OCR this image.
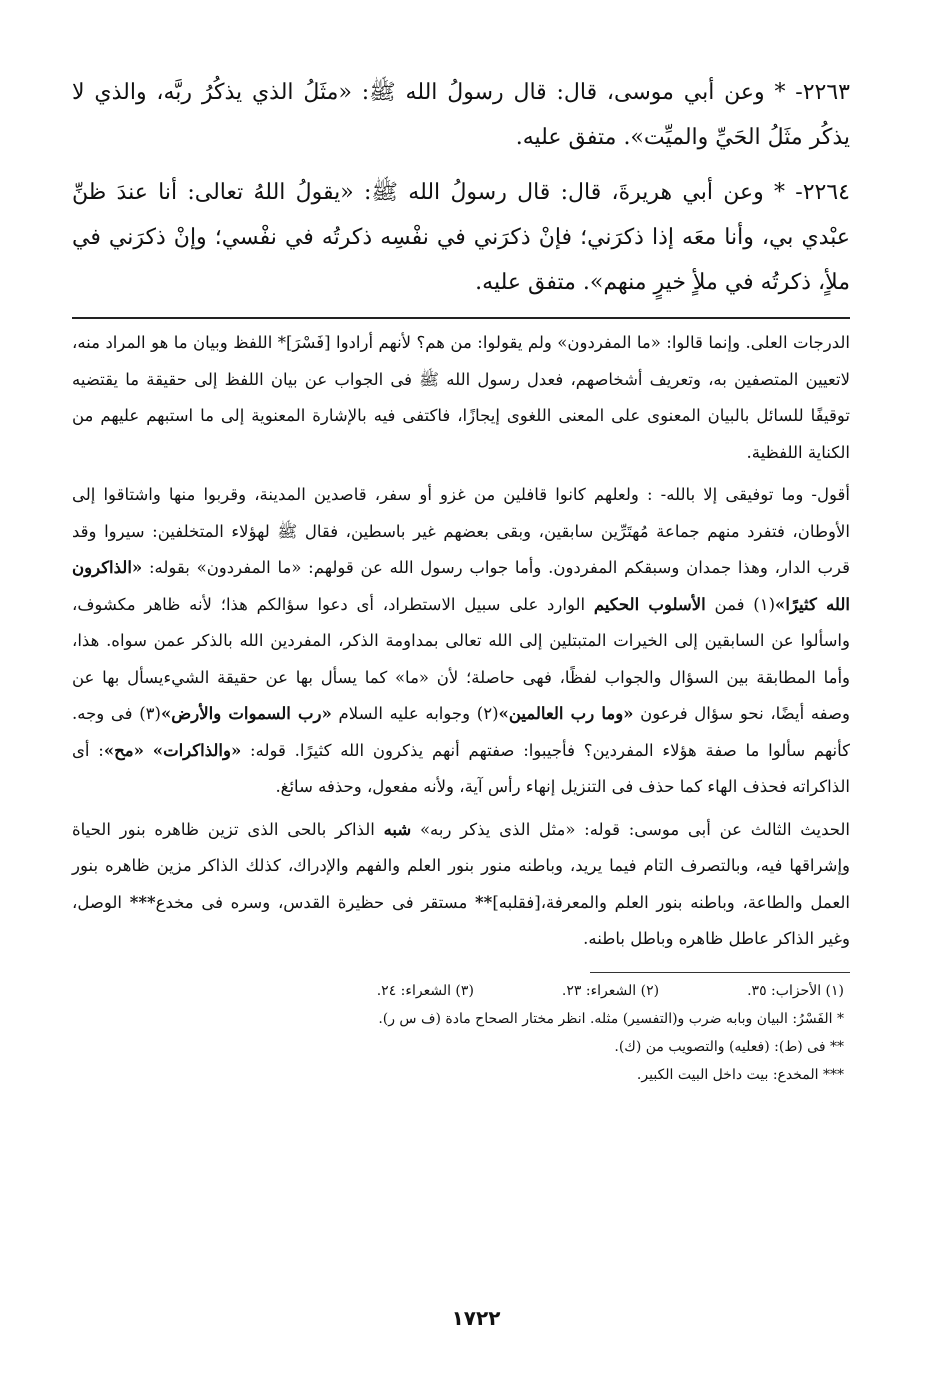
٢٢٦٣- * وعن أبي موسى، قال: قال رسولُ الله ﷺ: «مثَلُ الذي يذكُرُ ربَّه، والذي لا يذكُر مثَلُ الحَيِّ والميِّت». متفق عليه.

٢٢٦٤- * وعن أبي هريرةَ، قال: قال رسولُ الله ﷺ: «يقولُ اللهُ تعالى: أنا عندَ ظنِّ عبْدي بي، وأنا معَه إذا ذكرَني؛ فإنْ ذكرَني في نفْسِه ذكرتُه في نفْسي؛ وإنْ ذكرَني في ملأٍ، ذكرتُه في ملأٍ خيرٍ منهم». متفق عليه.

الدرجات العلى. وإنما قالوا: «ما المفردون» ولم يقولوا: من هم؟ لأنهم أرادوا [فَسْرَ]* اللفظ وبيان ما هو المراد منه، لاتعيين المتصفين به، وتعريف أشخاصهم، فعدل رسول الله ﷺ فى الجواب عن بيان اللفظ إلى حقيقة ما يقتضيه توقيفًا للسائل بالبيان المعنوى على المعنى اللغوى إيجازًا، فاكتفى فيه بالإشارة المعنوية إلى ما استبهم عليهم من الكناية اللفظية.

أقول- وما توفيقى إلا بالله- : ولعلهم كانوا قافلين من غزو أو سفر، قاصدين المدينة، وقربوا منها واشتاقوا إلى الأوطان، فتفرد منهم جماعة مُهتَرِّين سابقين، وبقى بعضهم غير باسطين، فقال ﷺ لهؤلاء المتخلفين: سيروا وقد قرب الدار، وهذا جمدان وسبقكم المفردون. وأما جواب رسول الله عن قولهم: «ما المفردون» بقوله: «الذاكرون الله كثيرًا»(١) فمن الأسلوب الحكيم الوارد على سبيل الاستطراد، أى دعوا سؤالكم هذا؛ لأنه ظاهر مكشوف، واسألوا عن السابقين إلى الخيرات المتبتلين إلى الله تعالى بمداومة الذكر، المفردين الله بالذكر عمن سواه. هذا، وأما المطابقة بين السؤال والجواب لفظًا، فهى حاصلة؛ لأن «ما» كما يسأل بها عن حقيقة الشيءيسأل بها عن وصفه أيضًا، نحو سؤال فرعون «وما رب العالمين»(٢) وجوابه عليه السلام «رب السموات والأرض»(٣) فى وجه. كأنهم سألوا ما صفة هؤلاء المفردين؟ فأجيبوا: صفتهم أنهم يذكرون الله كثيرًا. قوله: «والذاكرات» «مح»: أى الذاكراته فحذف الهاء كما حذف فى التنزيل إنهاء رأس آية، ولأنه مفعول، وحذفه سائغ.

الحديث الثالث عن أبى موسى: قوله: «مثل الذى يذكر ربه» شبه الذاكر بالحى الذى تزين ظاهره بنور الحياة وإشراقها فيه، وبالتصرف التام فيما يريد، وباطنه منور بنور العلم والفهم والإدراك، كذلك الذاكر مزين ظاهره بنور العمل والطاعة، وباطنه بنور العلم والمعرفة،[فقلبه]** مستقر فى حظيرة القدس، وسره فى مخدع*** الوصل، وغير الذاكر عاطل ظاهره وباطل باطنه.

(١) الأحزاب: ٣٥.
(٢) الشعراء: ٢٣.
(٣) الشعراء: ٢٤.
* الفَسْرُ: البيان وبابه ضرب و(التفسير) مثله. انظر مختار الصحاح مادة (ف س ر).
** فى (ط): (فعليه) والتصويب من (ك).
*** المخدع: بيت داخل البيت الكبير.
١٧٢٢
